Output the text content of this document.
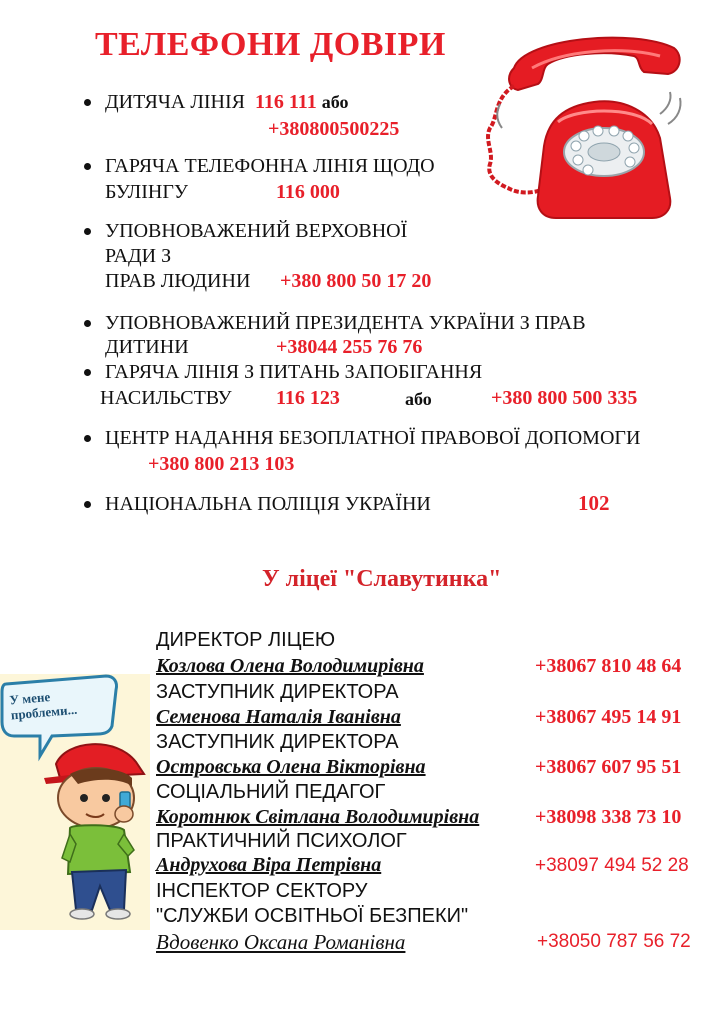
ТЕЛЕФОНИ ДОВІРИ
ДИТЯЧА ЛІНІЯ 116 111 або
+380800500225
ГАРЯЧА ТЕЛЕФОННА ЛІНІЯ ЩОДО
БУЛІНГУ	116 000
УПОВНОВАЖЕНИЙ ВЕРХОВНОЇ
РАДИ З
ПРАВ ЛЮДИНИ +380 800 50 17 20
УПОВНОВАЖЕНИЙ ПРЕЗИДЕНТА УКРАЇНИ З ПРАВ
ДИТИНИ	+38044 255 76 76
ГАРЯЧА ЛІНІЯ З ПИТАНЬ ЗАПОБІГАННЯ
НАСИЛЬСТВУ 116 123	або	+380 800 500 335
ЦЕНТР НАДАННЯ БЕЗОПЛАТНОЇ ПРАВОВОЇ ДОПОМОГИ
+380 800 213 103
НАЦІОНАЛЬНА ПОЛІЦІЯ УКРАЇНИ	102
У ліцеї "Славутинка"
У мене проблеми...
ДИРЕКТОР ЛІЦЕЮ
Козлова Олена Володимирівна	+38067 810 48 64
ЗАСТУПНИК ДИРЕКТОРА
Семенова Наталія Іванівна	+38067 495 14 91
ЗАСТУПНИК ДИРЕКТОРА
Островська Олена Вікторівна	+38067 607 95 51
СОЦІАЛЬНИЙ ПЕДАГОГ
Коротнюк Світлана Володимирівна	+38098 338 73 10
ПРАКТИЧНИЙ ПСИХОЛОГ
Андрухова Віра Петрівна	+38097 494 52 28
ІНСПЕКТОР СЕКТОРУ
"СЛУЖБИ ОСВІТНЬОЇ БЕЗПЕКИ"
Вдовенко Оксана Романівна	+38050 787 56 72
